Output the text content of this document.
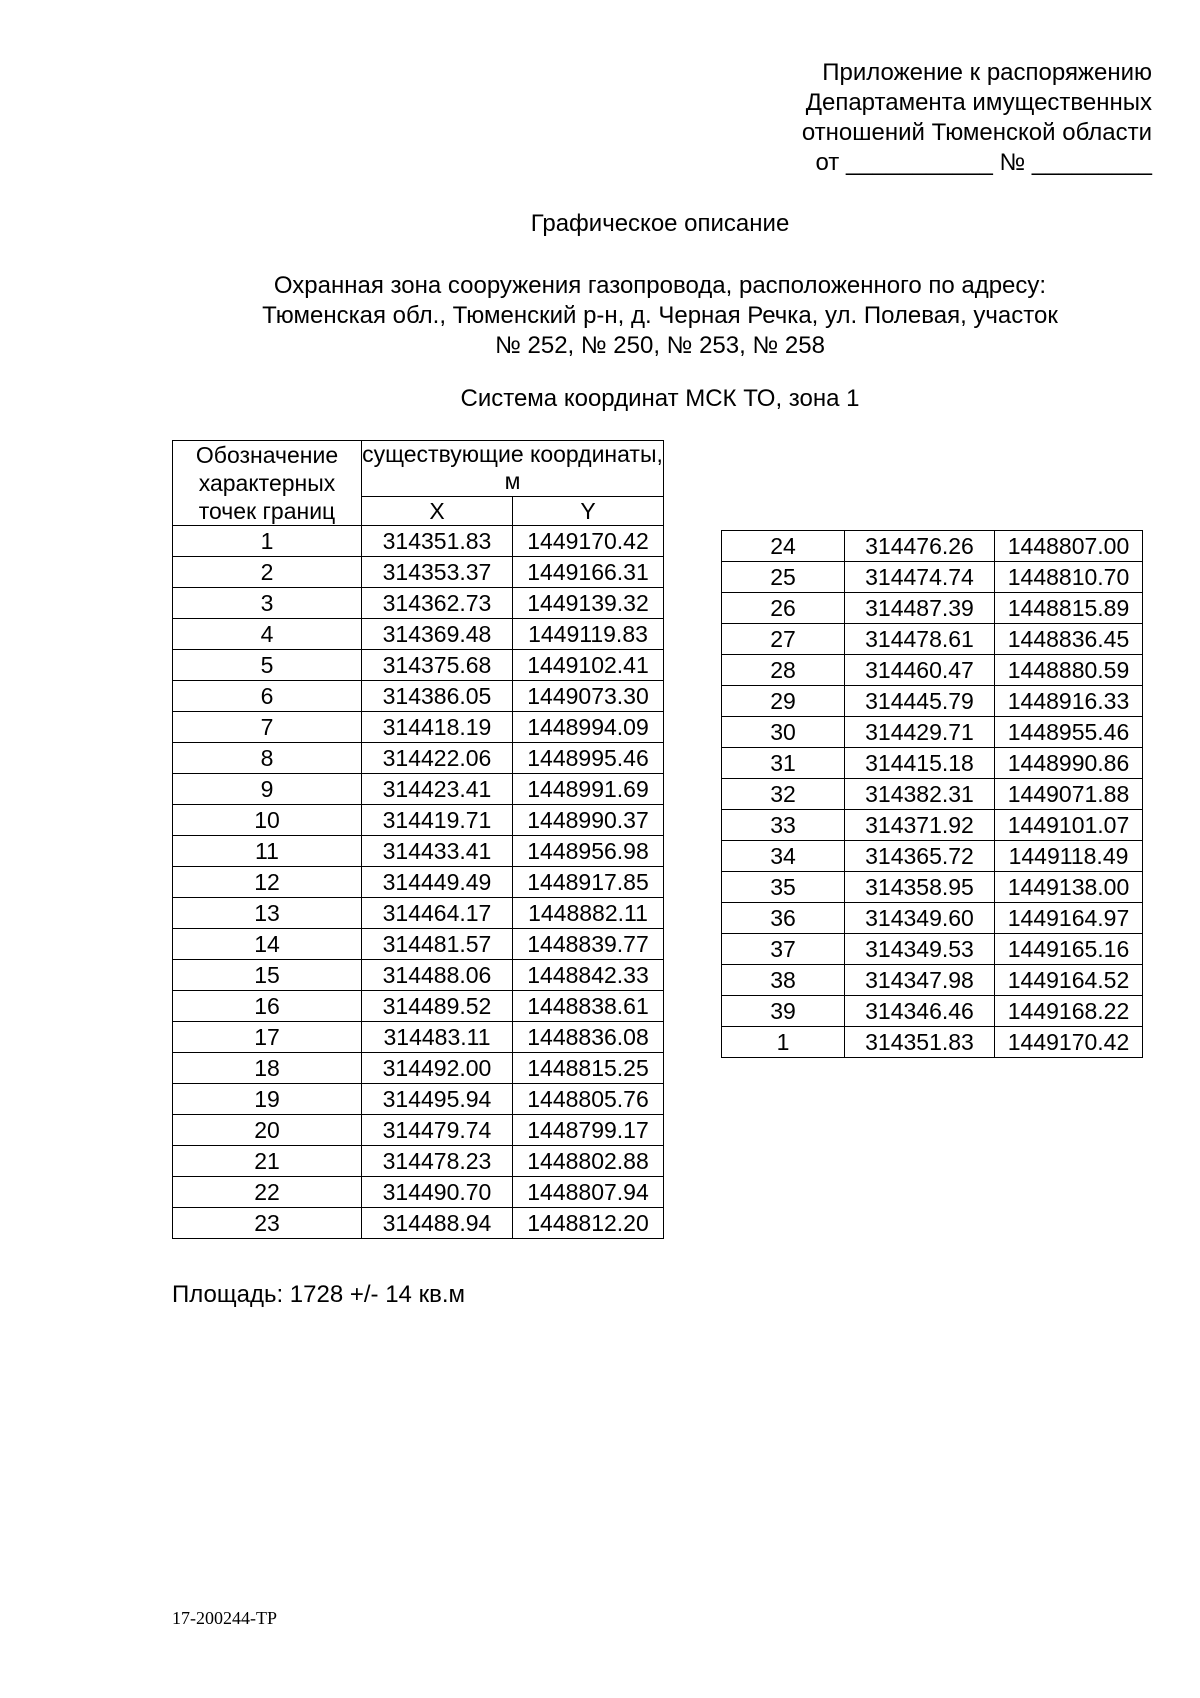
Приложение к распоряжению
Департамента имущественных
отношений Тюменской области
от ___________ № _________
Графическое описание
Охранная зона сооружения газопровода, расположенного по адресу:
Тюменская обл., Тюменский р-н, д. Черная Речка, ул. Полевая, участок
№ 252, № 250, № 253, № 258
Система координат МСК ТО, зона 1
Обозначение характерных точек границ	существующие координаты, м	
	X	Y
1	314351.83	1449170.42
2	314353.37	1449166.31
3	314362.73	1449139.32
4	314369.48	1449119.83
5	314375.68	1449102.41
6	314386.05	1449073.30
7	314418.19	1448994.09
8	314422.06	1448995.46
9	314423.41	1448991.69
10	314419.71	1448990.37
11	314433.41	1448956.98
12	314449.49	1448917.85
13	314464.17	1448882.11
14	314481.57	1448839.77
15	314488.06	1448842.33
16	314489.52	1448838.61
17	314483.11	1448836.08
18	314492.00	1448815.25
19	314495.94	1448805.76
20	314479.74	1448799.17
21	314478.23	1448802.88
22	314490.70	1448807.94
23	314488.94	1448812.20
24	314476.26	1448807.00
25	314474.74	1448810.70
26	314487.39	1448815.89
27	314478.61	1448836.45
28	314460.47	1448880.59
29	314445.79	1448916.33
30	314429.71	1448955.46
31	314415.18	1448990.86
32	314382.31	1449071.88
33	314371.92	1449101.07
34	314365.72	1449118.49
35	314358.95	1449138.00
36	314349.60	1449164.97
37	314349.53	1449165.16
38	314347.98	1449164.52
39	314346.46	1449168.22
1	314351.83	1449170.42
Площадь: 1728 +/- 14 кв.м
17-200244-ТР
